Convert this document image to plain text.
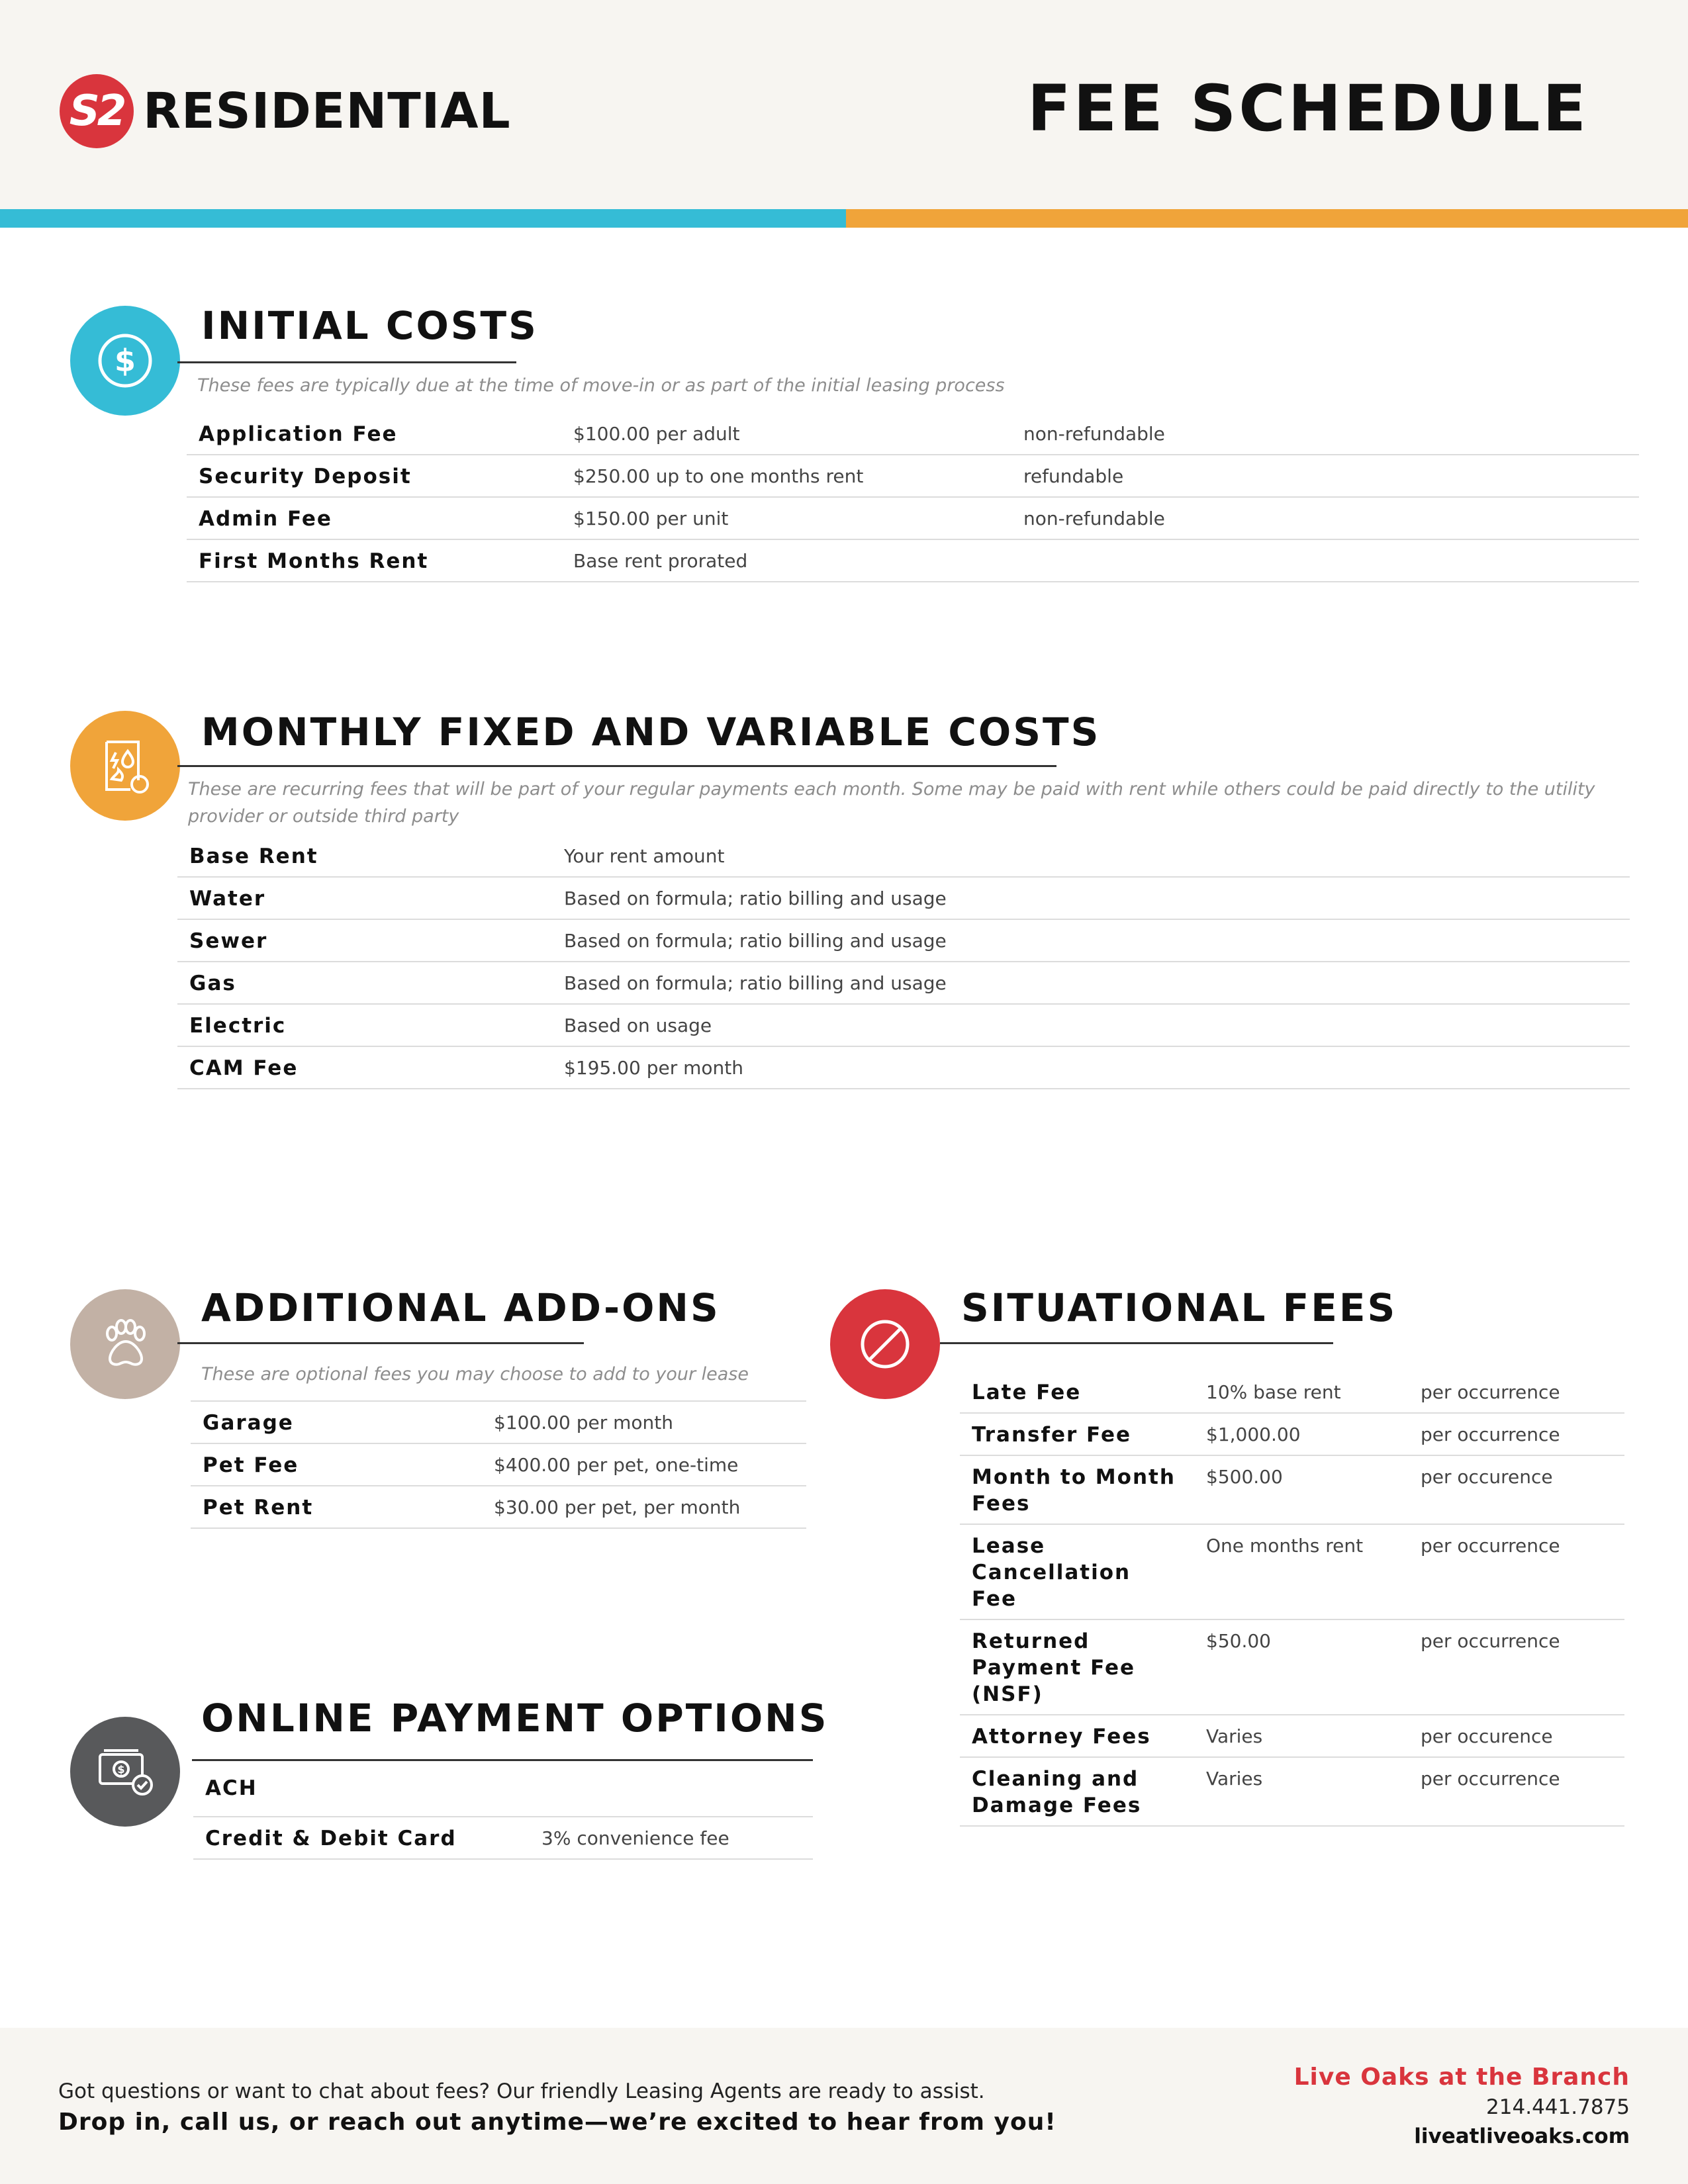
S2 RESIDENTIAL	FEE SCHEDULE
$
INITIAL COSTS
These fees are typically due at the time of move-in or as part of the initial leasing process
Application Fee	$100.00 per adult	non-refundable
Security Deposit	$250.00 up to one months rent	refundable
Admin Fee	$150.00 per unit	non-refundable
First Months Rent	Base rent prorated	
MONTHLY FIXED AND VARIABLE COSTS
These are recurring fees that will be part of your regular payments each month. Some may be paid with rent while others could be paid directly to the utility provider or outside third party
Base Rent	Your rent amount
Water	Based on formula; ratio billing and usage
Sewer	Based on formula; ratio billing and usage
Gas	Based on formula; ratio billing and usage
Electric	Based on usage
CAM Fee	$195.00 per month
ADDITIONAL ADD-ONS
These are optional fees you may choose to add to your lease
Garage	$100.00 per month
Pet Fee	$400.00 per pet, one-time
Pet Rent	$30.00 per pet, per month
SITUATIONAL FEES
Late Fee	10% base rent	per occurrence
Transfer Fee	$1,000.00	per occurrence
Month to Month Fees	$500.00	per occurence
Lease Cancellation Fee	One months rent	per occurrence
Returned Payment Fee (NSF)	$50.00	per occurrence
Attorney Fees	Varies	per occurence
Cleaning and Damage Fees	Varies	per occurrence
$
ONLINE PAYMENT OPTIONS
ACH	
Credit & Debit Card	3% convenience fee
Got questions or want to chat about fees? Our friendly Leasing Agents are ready to assist.
Drop in, call us, or reach out anytime—we’re excited to hear from you!
Live Oaks at the Branch
214.441.7875
liveatliveoaks.com
